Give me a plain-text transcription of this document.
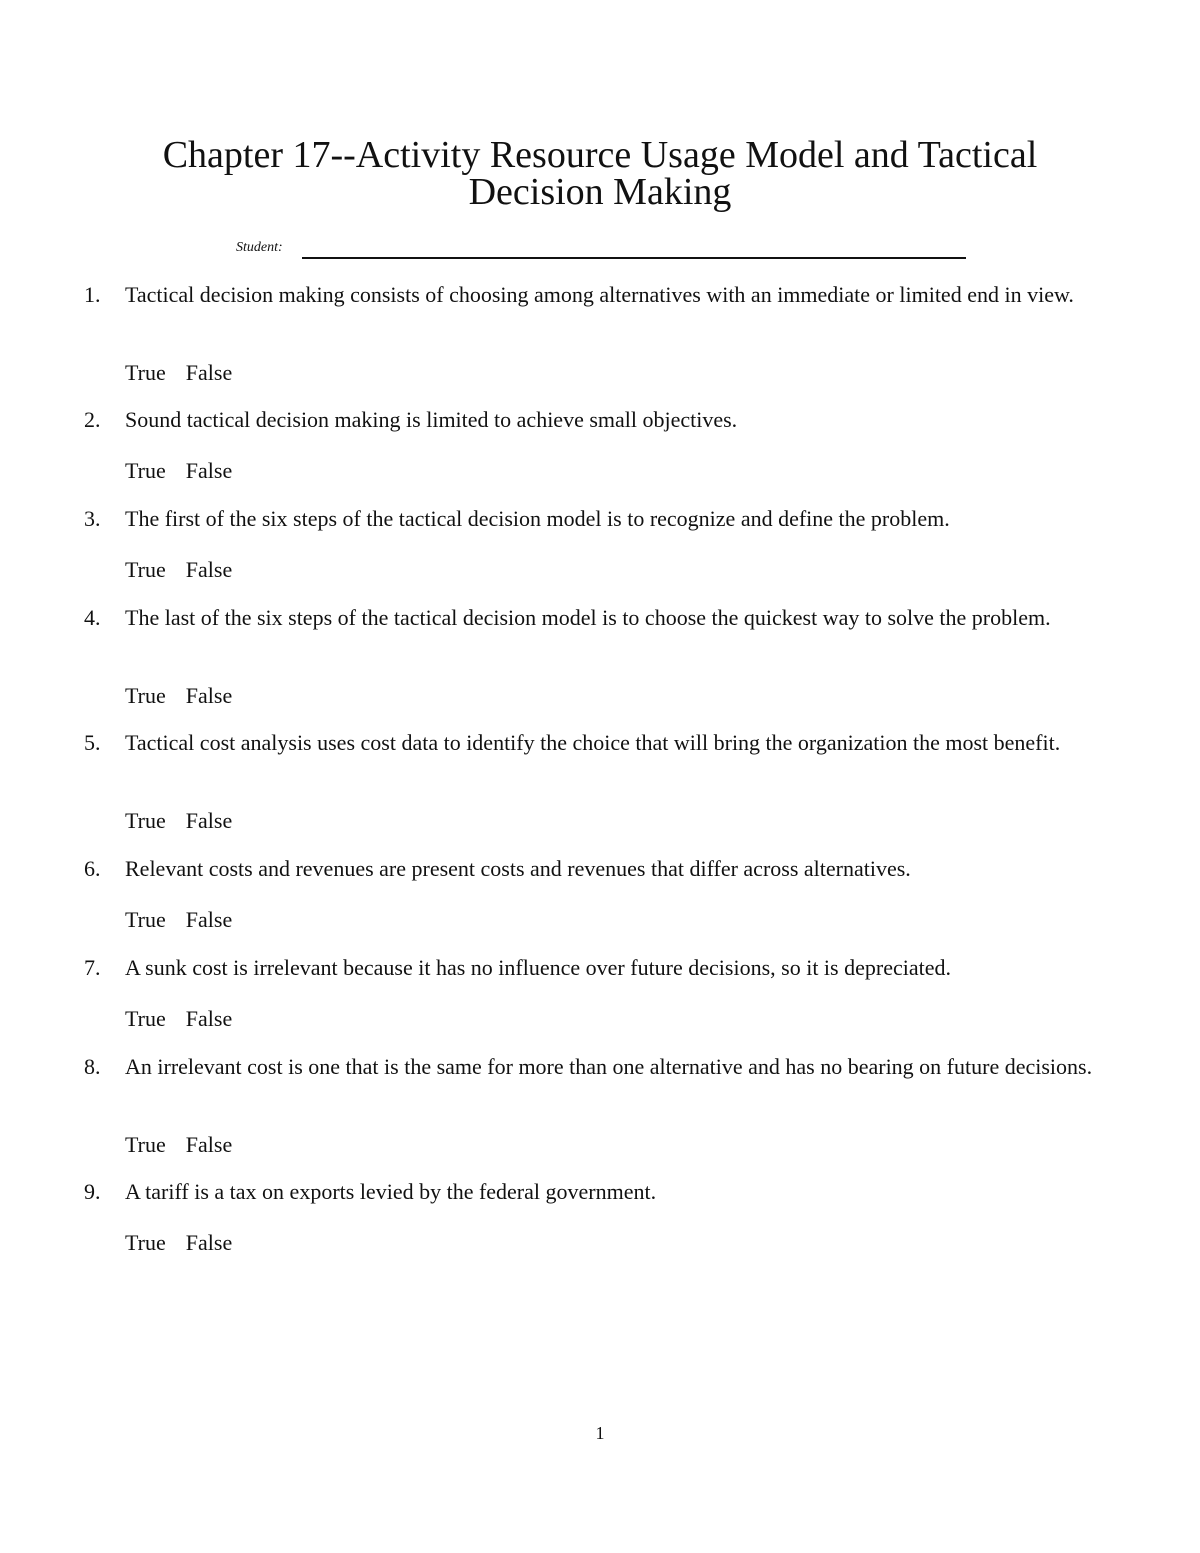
Chapter 17--Activity Resource Usage Model and Tactical
Decision Making
Student:
1. Tactical decision making consists of choosing among alternatives with an immediate or limited end in view.
True False
2. Sound tactical decision making is limited to achieve small objectives.
True False
3. The first of the six steps of the tactical decision model is to recognize and define the problem.
True False
4. The last of the six steps of the tactical decision model is to choose the quickest way to solve the problem.
True False
5. Tactical cost analysis uses cost data to identify the choice that will bring the organization the most benefit.
True False
6. Relevant costs and revenues are present costs and revenues that differ across alternatives.
True False
7. A sunk cost is irrelevant because it has no influence over future decisions, so it is depreciated.
True False
8. An irrelevant cost is one that is the same for more than one alternative and has no bearing on future decisions.
True False
9. A tariff is a tax on exports levied by the federal government.
True False
1
